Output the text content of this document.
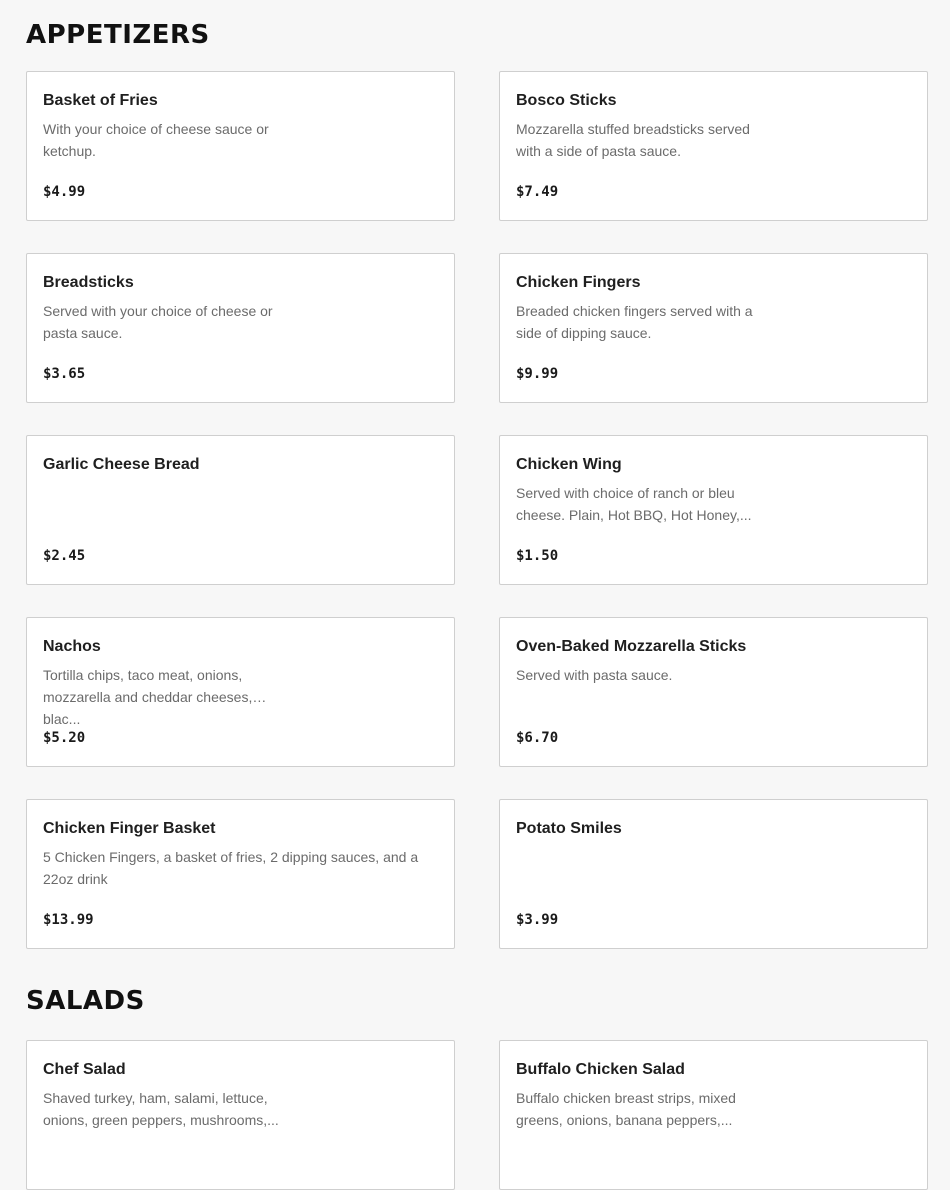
APPETIZERS
Basket of Fries
With your choice of cheese sauce or ketchup.
$4.99
Bosco Sticks
Mozzarella stuffed breadsticks served with a side of pasta sauce.
$7.49
Breadsticks
Served with your choice of cheese or pasta sauce.
$3.65
Chicken Fingers
Breaded chicken fingers served with a side of dipping sauce.
$9.99
Garlic Cheese Bread
$2.45
Chicken Wing
Served with choice of ranch or bleu cheese. Plain, Hot BBQ, Hot Honey,...
$1.50
Nachos
Tortilla chips, taco meat, onions, mozzarella and cheddar cheeses, blac...
$5.20
Oven-Baked Mozzarella Sticks
Served with pasta sauce.
$6.70
Chicken Finger Basket
5 Chicken Fingers, a basket of fries, 2 dipping sauces, and a 22oz drink
$13.99
Potato Smiles
$3.99
SALADS
Chef Salad
Shaved turkey, ham, salami, lettuce, onions, green peppers, mushrooms,...
Buffalo Chicken Salad
Buffalo chicken breast strips, mixed greens, onions, banana peppers,...
